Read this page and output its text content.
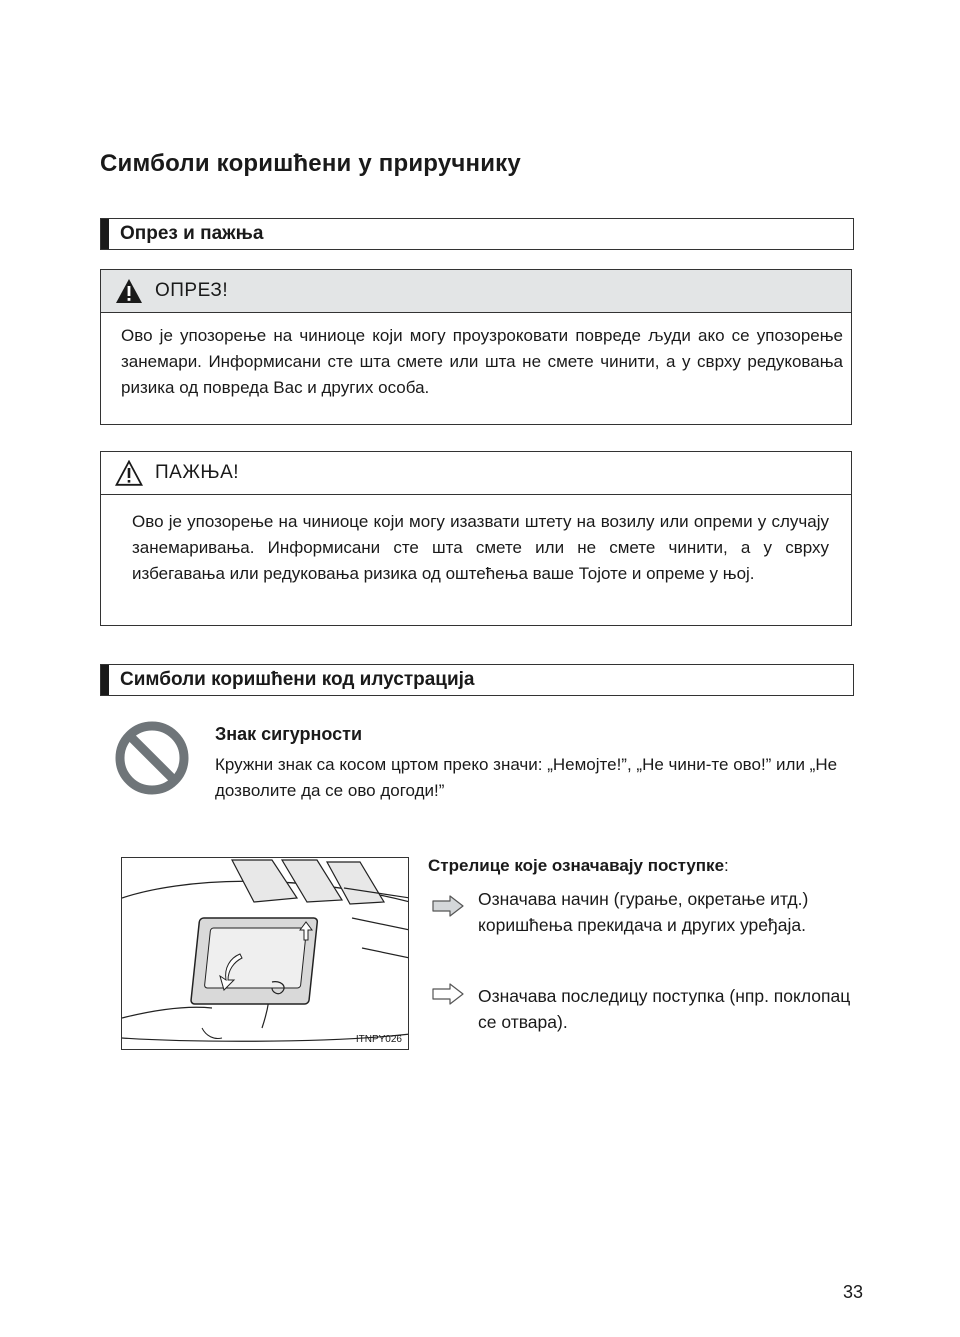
Симболи коришћени у приручнику
Опрез и пажња
ОПРЕЗ!
Ово је упозорење на чиниоце који могу проузроковати повреде људи ако се упозорење занемари. Информисани сте шта смете или шта не смете чинити, а у сврху редуковања ризика од повреда Вас и других особа.
ПАЖЊА!
Ово је упозорење на чиниоце који могу изазвати штету на возилу или опреми у случају занемаривања. Информисани сте шта смете или не смете чинити, а у сврху избегавања или редуковања ризика од оштећења ваше Тојоте и опреме у њој.
Симболи коришћени код илустрација
Знак сигурности
Кружни знак са косом цртом преко значи: „Немојте!”, „Не чини-те ово!” или „Не дозволите да се ово догоди!”
ITNPY026
Стрелице које означавају поступке:
Означава начин (гурање, окретање итд.) коришћења прекидача и других уређаја.
Означава последицу поступка (нпр. поклопац се отвара).
33
